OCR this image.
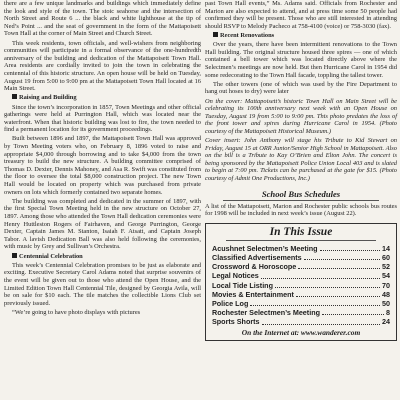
there are a few unique landmarks and buildings which immediately define the look and style of the town. The stoic seahorse and the intersection of North Street and Route 6 ... the black and white lighthouse at the tip of Ned’s Point ... and the seat of government in the form of the Mattapoisett Town Hall at the corner of Main Street and Church Street.

This week residents, town officials, and well-wishers from neighboring communities will participate in a formal observance of the one-hundredth anniversary of the building and dedication of the Mattapoisett Town Hall. Area residents are cordially invited to join the town in celebrating the centennial of this historic structure. An open house will be held on Tuesday, August 19 from 5:00 to 9:00 pm at the Mattapoisett Town Hall located at 16 Main Street.

Raising and Building

Since the town’s incorporation in 1857, Town Meetings and other official gatherings were held at Purrington Hall, which was located near the waterfront. When that historic building was lost to fire, the town needed to find a permanent location for its government proceedings.

Built between 1896 and 1897, the Mattapoisett Town Hall was approved by Town Meeting voters who, on February 8, 1896 voted to raise and appropriate $4,000 through borrowing and to take $4,000 from the town treasury to build the new structure. A building committee comprised of Thomas D. Dexter, Dennis Mahoney, and Asa R. Swift was constituted from the floor to oversee the total $8,000 construction project. The new Town Hall would be located on property which was purchased from private owners on lots which formerly contained two separate homes.

The building was completed and dedicated in the summer of 1897, with the first Special Town Meeting held in the new structure on October 27, 1897. Among those who attended the Town Hall dedication ceremonies were Henry Huttleston Rogers of Fairhaven, and George Purrington, George Dexter, Captain James M. Stanton, Isaiah F. Atsatt, and Captain Joseph Tabor. A lavish Dedication Ball was also held following the ceremonies, with music by Grey and Sullivan’s Orchestra.

Centennial Celebration

This week’s Centennial Celebration promises to be just as elaborate and exciting. Executive Secretary Carol Adams noted that surprise souvenirs of the event will be given out to those who attend the Open House, and the Limited Edition Town Hall Centennial Tile, designed by Georgia Avila, will be on sale for $10 each. The tile matches the collectible Lions Club set previously issued.

“We’re going to have photo displays with pictures

past Town Hall events,” Ms. Adams said. Officials from Rochester and Marion are also expected to attend, and at press time some 50 people had confirmed they will be present. Those who are still interested in attending should RSVP to Melody Pacheco at 758-4100 (voice) or 758-3030 (fax).

Recent Renovations

Over the years, there have been intermittent renovations to the Town Hall building. The original structure housed three spires — one of which contained a bell tower which was located directly above where the Selectmen’s meetings are now held. But then Hurricane Carol in 1954 did some redecorating to the Town Hall facade, toppling the tallest tower.

The other towers (one of which was used by the Fire Department to hang out hoses to dry) were later

On the cover: Mattapoisett’s historic Town Hall on Main Street will be celebrating its 100th anniversary next week with an Open House on Tuesday, August 19 from 5:00 to 9:00 pm. This photo predates the loss of the front tower and spires during Hurricane Carol in 1954. (Photo courtesy of the Mattapoisett Historical Museum.)

Cover insert: John Anthony will stage his Tribute to Kid Stewart on Friday, August 15 at ORR Junior/Senior High School in Mattapoisett. Also on the bill is a Tribute to Kay O’Brien and Elton John. The concert is being sponsored by the Mattapoisett Police Union Local 403 and is slated to begin at 7:00 pm. Tickets can be purchased at the gate for $15. (Photo courtesy of Admit One Productions, Inc.)

School Bus Schedules

A list of the Mattapoisett, Marion and Rochester public schools bus routes for 1998 will be included in next week’s issue (August 22).

In This Issue
Acushnet Selectmen’s Meeting	14
Classified Advertisements	60
Crossword & Horoscope	52
Legal Notices	54
Local Tide Listing	70
Movies & Entertainment	48
Police Log	50
Rochester Selectmen’s Meeting	8
Sports Shorts	24
On the Internet at: www.wanderer.com
